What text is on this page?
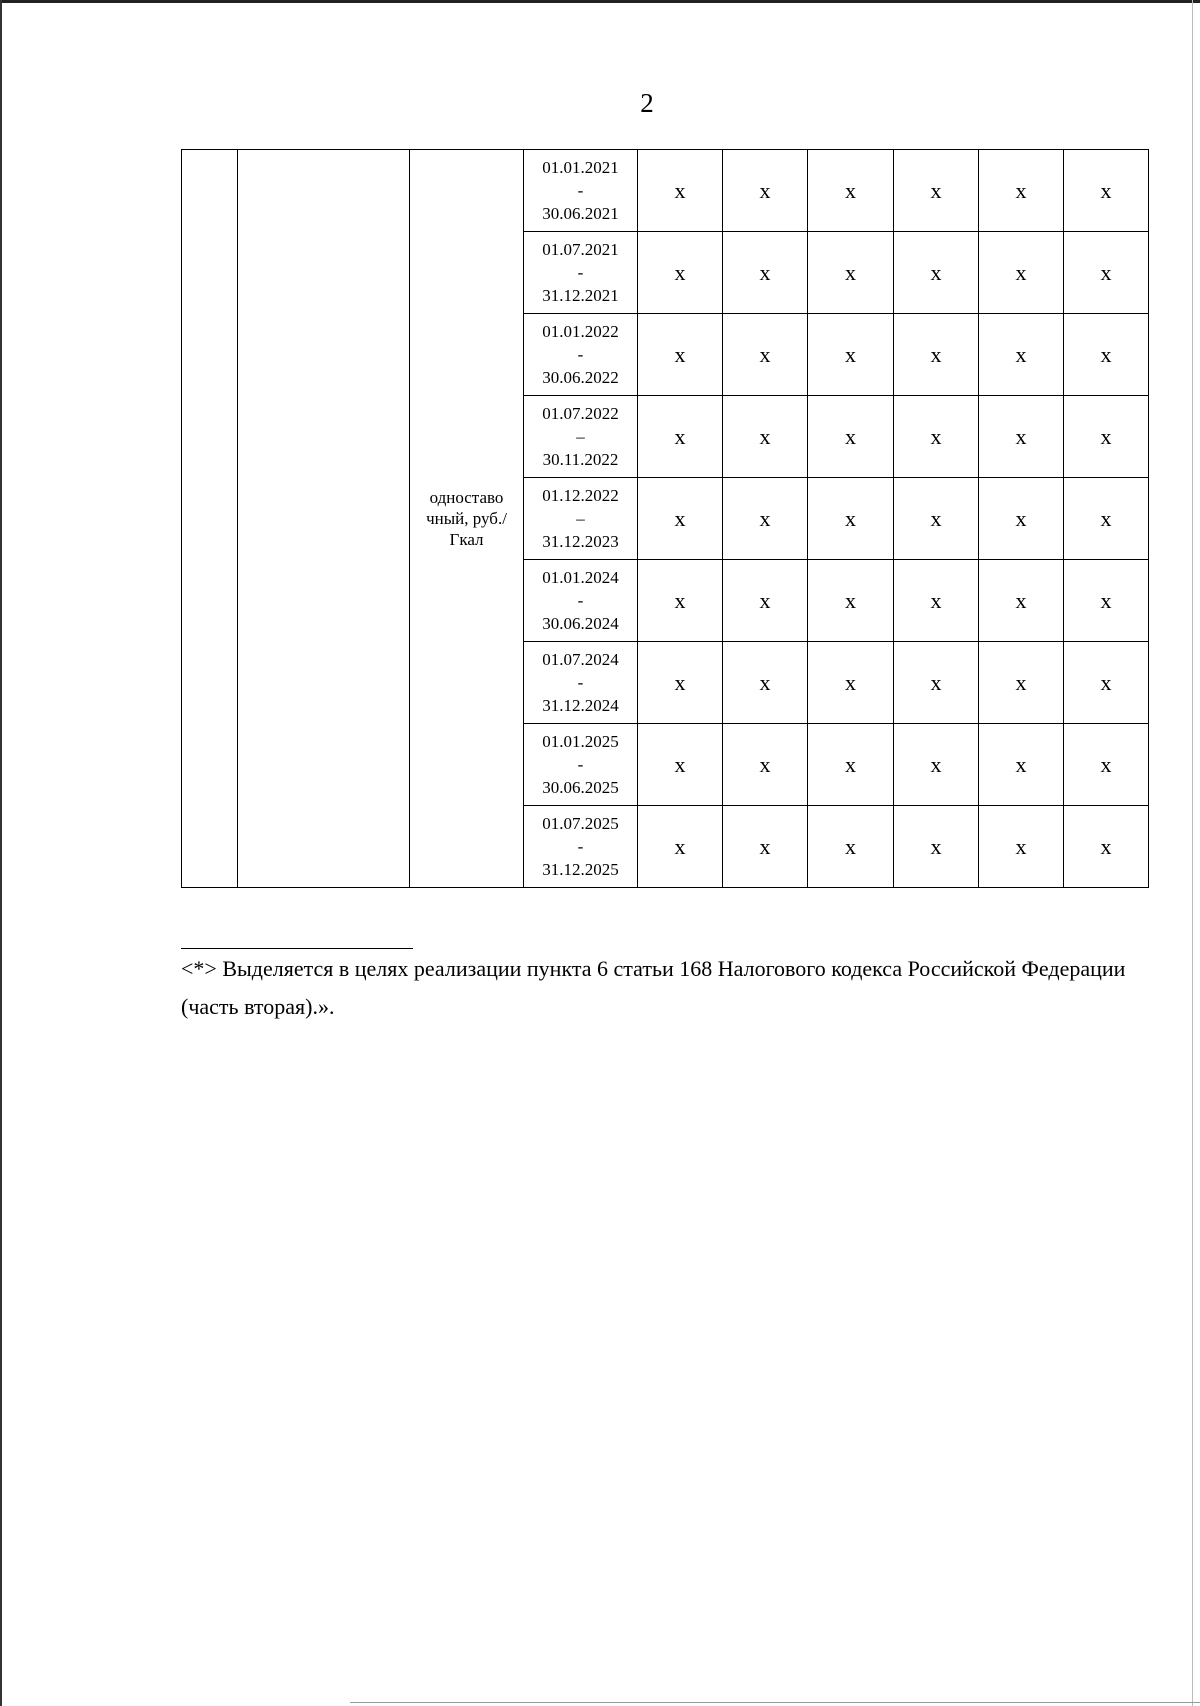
2
		одноставо чный, руб./Гкал	01.01.2021
-
30.06.2021	x	x	x	x	x	x

			01.07.2021
-
31.12.2021	x	x	x	x	x	x

			01.01.2022
-
30.06.2022	x	x	x	x	x	x

			01.07.2022
–
30.11.2022	x	x	x	x	x	x

			01.12.2022
–
31.12.2023	x	x	x	x	x	x

			01.01.2024
-
30.06.2024	x	x	x	x	x	x

			01.07.2024
-
31.12.2024	x	x	x	x	x	x

			01.01.2025
-
30.06.2025	x	x	x	x	x	x

			01.07.2025
-
31.12.2025	x	x	x	x	x	x
<*> Выделяется в целях реализации пункта 6 статьи 168 Налогового кодекса Российской Федерации (часть вторая).».
